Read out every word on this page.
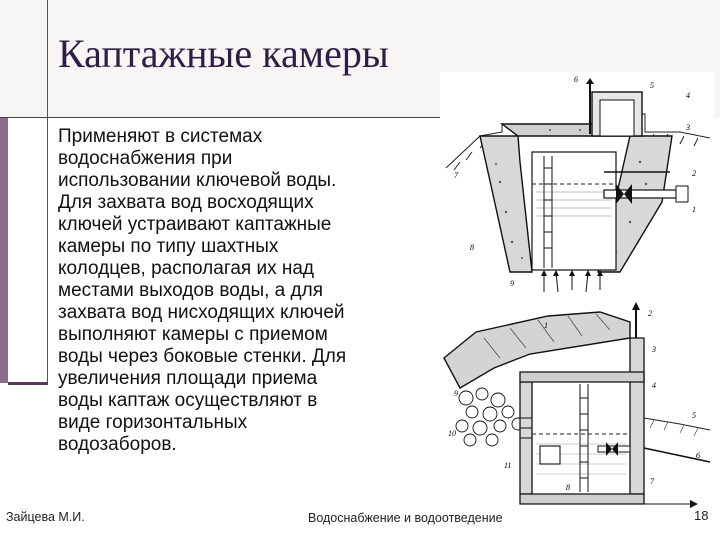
Каптажные камеры
Применяют в системах
водоснабжения при
использовании ключевой воды.
Для захвата вод восходящих
ключей устраивают каптажные
камеры по типу шахтных
колодцев, располагая их над
местами выходов воды, а для
захвата вод нисходящих ключей
выполняют камеры с приемом
воды через боковые стенки. Для
увеличения площади приема
воды каптаж осуществляют в
виде горизонтальных
водозаборов.
6
5
4
3
2
1
7
8
9
1
2
3
4
5
6
7
8
9
10
11
Зайцева М.И.	Водоснабжение и водоотведение	18
